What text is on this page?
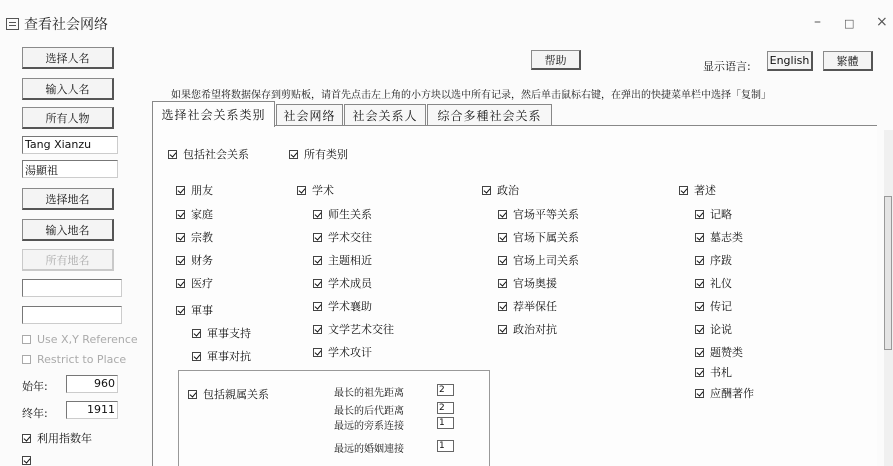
查看社会网络	– □ ×
选择人名
输入人名
所有人物
Tang Xianzu
湯顯祖
选择地名
输入地名
所有地名
Use X,Y Reference
Restrict to Place
始年:	960
终年:	1911
利用指数年
帮助	显示语言: English	繁體
如果您希望将数据保存到剪贴板，请首先点击左上角的小方块以选中所有记录，然后单击鼠标右键，在弹出的快捷菜单栏中选择「复制」
选择社会关系类别	社会网络	社会关系人	综合多種社会关系
包括社会关系	所有类别
朋友
家庭
宗教
财务
医疗
軍事
軍事支持
軍事对抗
学术
师生关系
学术交往
主题相近
学术成员
学术襄助
文学艺术交往
学术攻讦
政治
官场平等关系
官场下属关系
官场上司关系
官场奥援
荐举保任
政治对抗
著述
记略
墓志类
序跋
礼仪
传记
论说
题赞类
书札
应酬著作
包括親属关系	最长的祖先距离	2
最长的后代距离	2
最远的旁系连接	1
最远的婚姻連接	1
